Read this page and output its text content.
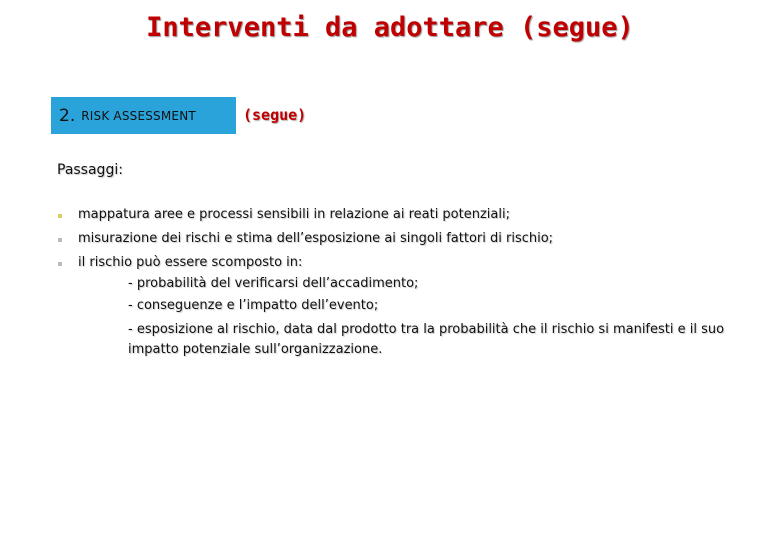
Interventi da adottare (segue)
2. RISK ASSESSMENT	(segue)
Passaggi:
mappatura aree e processi sensibili in relazione ai reati potenziali;
misurazione dei rischi e stima dell’esposizione ai singoli fattori di rischio;
il rischio può essere scomposto in:
- probabilità del verificarsi dell’accadimento;
- conseguenze e l’impatto dell’evento;
- esposizione al rischio, data dal prodotto tra la probabilità che il rischio si manifesti e il suo impatto potenziale sull’organizzazione.
